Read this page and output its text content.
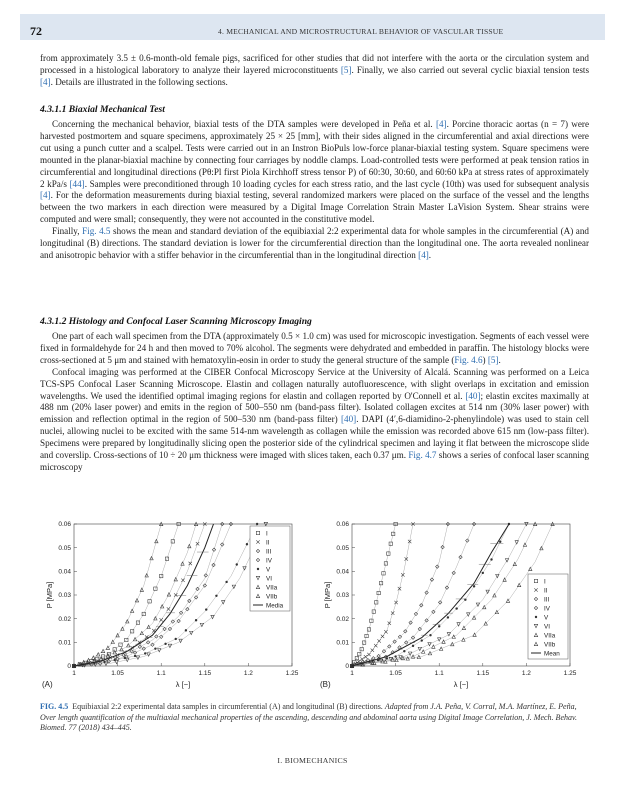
72	4. MECHANICAL AND MICROSTRUCTURAL BEHAVIOR OF VASCULAR TISSUE

from approximately 3.5 ± 0.6-month-old female pigs, sacrificed for other studies that did not interfere with the aorta or the circulation system and processed in a histological laboratory to analyze their layered microconstituents [5]. Finally, we also carried out several cyclic biaxial tension tests [4]. Details are illustrated in the following sections.

4.3.1.1 Biaxial Mechanical Test

Concerning the mechanical behavior, biaxial tests of the DTA samples were developed in Peña et al. [4]. Porcine thoracic aortas (n = 7) were harvested postmortem and square specimens, approximately 25 × 25 [mm], with their sides aligned in the circumferential and axial directions were cut using a punch cutter and a scalpel. Tests were carried out in an Instron BioPuls low-force planar-biaxial testing system. Square specimens were mounted in the planar-biaxial machine by connecting four carriages by noddle clamps. Load-controlled tests were performed at peak tension ratios in circumferential and longitudinal directions (Pθ:Pl first Piola Kirchhoff stress tensor P) of 60:30, 30:60, and 60:60 kPa at stress rates of approximately 2 kPa/s [44]. Samples were preconditioned through 10 loading cycles for each stress ratio, and the last cycle (10th) was used for subsequent analysis [4]. For the deformation measurements during biaxial testing, several randomized markers were placed on the surface of the vessel and the lengths between the two markers in each direction were measured by a Digital Image Correlation Strain Master LaVision System. Shear strains were computed and were small; consequently, they were not accounted in the constitutive model.

Finally, Fig. 4.5 shows the mean and standard deviation of the equibiaxial 2:2 experimental data for whole samples in the circumferential (A) and longitudinal (B) directions. The standard deviation is lower for the circumferential direction than the longitudinal one. The aorta revealed nonlinear and anisotropic behavior with a stiffer behavior in the circumferential than in the longitudinal direction [4].

4.3.1.2 Histology and Confocal Laser Scanning Microscopy Imaging

One part of each wall specimen from the DTA (approximately 0.5 × 1.0 cm) was used for microscopic investigation. Segments of each vessel were fixed in formaldehyde for 24 h and then moved to 70% alcohol. The segments were dehydrated and embedded in paraffin. The histology blocks were cross-sectioned at 5 μm and stained with hematoxylin-eosin in order to study the general structure of the sample (Fig. 4.6) [5].

Confocal imaging was performed at the CIBER Confocal Microscopy Service at the University of Alcalá. Scanning was performed on a Leica TCS-SP5 Confocal Laser Scanning Microscope. Elastin and collagen naturally autofluorescence, with slight overlaps in excitation and emission wavelengths. We used the identified optimal imaging regions for elastin and collagen reported by O'Connell et al. [40]; elastin excites maximally at 488 nm (20% laser power) and emits in the region of 500–550 nm (band-pass filter). Isolated collagen excites at 514 nm (30% laser power) with emission and reflection optimal in the region of 500–530 nm (band-pass filter) [40]. DAPI (4′,6-diamidino-2-phenylindole) was used to stain cell nuclei, allowing nuclei to be excited with the same 514-nm wavelength as collagen while the emission was recorded above 615 nm (low-pass filter). Specimens were prepared by longitudinally slicing open the posterior side of the cylindrical specimen and laying it flat between the microscope slide and coverslip. Cross-sections of 10 ÷ 20 μm thickness were imaged with slices taken, each 0.37 μm. Fig. 4.7 shows a series of confocal laser scanning microscopy

1	1.05	1.1	1.15	1.2	1.25
0
0.01
0.02
0.03
0.04
0.05
0.06
λ [−]
P [MPa]
(A)
I
II
III
IV
V
VI
VIIa
VIIb
Media
1	1.05	1.1	1.15	1.2	1.25
0
0.01
0.02
0.03
0.04
0.05
0.06
λ [−]
P [MPa]
(B)
I
II
III
IV
V
VI
VIIa
VIIb
Mean
FIG. 4.5 Equibiaxial 2:2 experimental data samples in circumferential (A) and longitudinal (B) directions. Adapted from J.A. Peña, V. Corral, M.A. Martínez, E. Peña, Over length quantification of the multiaxial mechanical properties of the ascending, descending and abdominal aorta using Digital Image Correlation, J. Mech. Behav. Biomed. 77 (2018) 434–445.
I. BIOMECHANICS
